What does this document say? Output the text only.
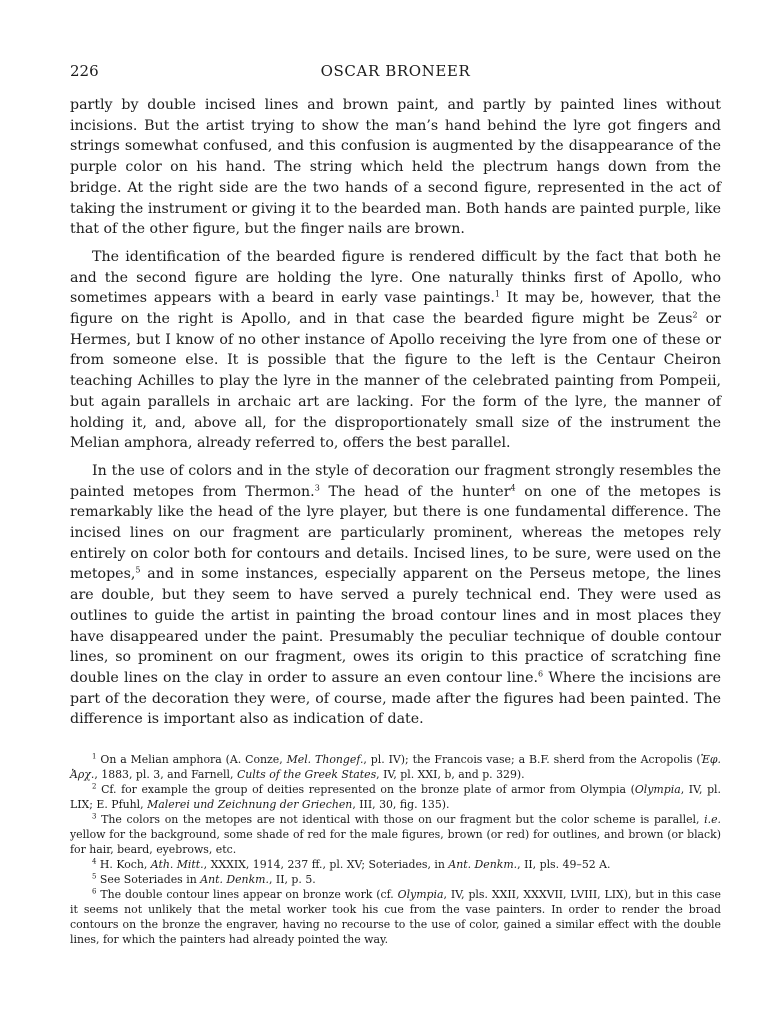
226	OSCAR BRONEER

partly by double incised lines and brown paint, and partly by painted lines without incisions. But the artist trying to show the man’s hand behind the lyre got fingers and strings somewhat confused, and this confusion is augmented by the disappearance of the purple color on his hand. The string which held the plectrum hangs down from the bridge. At the right side are the two hands of a second figure, represented in the act of taking the instrument or giving it to the bearded man. Both hands are painted purple, like that of the other figure, but the finger nails are brown.

The identification of the bearded figure is rendered difficult by the fact that both he and the second figure are holding the lyre. One naturally thinks first of Apollo, who sometimes appears with a beard in early vase paintings.$^1$ It may be, however, that the figure on the right is Apollo, and in that case the bearded figure might be Zeus$^2$ or Hermes, but I know of no other instance of Apollo receiving the lyre from one of these or from someone else. It is possible that the figure to the left is the Centaur Cheiron teaching Achilles to play the lyre in the manner of the celebrated painting from Pompeii, but again parallels in archaic art are lacking. For the form of the lyre, the manner of holding it, and, above all, for the disproportionately small size of the instrument the Melian amphora, already referred to, offers the best parallel.

In the use of colors and in the style of decoration our fragment strongly resembles the painted metopes from Thermon.$^3$ The head of the hunter$^4$ on one of the metopes is remarkably like the head of the lyre player, but there is one fundamental difference. The incised lines on our fragment are particularly prominent, whereas the metopes rely entirely on color both for contours and details. Incised lines, to be sure, were used on the metopes,$^5$ and in some instances, especially apparent on the Perseus metope, the lines are double, but they seem to have served a purely technical end. They were used as outlines to guide the artist in painting the broad contour lines and in most places they have disappeared under the paint. Presumably the peculiar technique of double contour lines, so prominent on our fragment, owes its origin to this practice of scratching fine double lines on the clay in order to assure an even contour line.$^6$ Where the incisions are part of the decoration they were, of course, made after the figures had been painted. The difference is important also as indication of date.

$^1$ On a Melian amphora (A. Conze, Mel. Thongef., pl. IV); the Francois vase; a B.F. sherd from the Acropolis (Ἐφ. Ἀρχ., 1883, pl. 3, and Farnell, Cults of the Greek States, IV, pl. XXI, b, and p. 329).

$^2$ Cf. for example the group of deities represented on the bronze plate of armor from Olympia (Olympia, IV, pl. LIX; E. Pfuhl, Malerei und Zeichnung der Griechen, III, 30, fig. 135).

$^3$ The colors on the metopes are not identical with those on our fragment but the color scheme is parallel, i.e. yellow for the background, some shade of red for the male figures, brown (or red) for outlines, and brown (or black) for hair, beard, eyebrows, etc.

$^4$ H. Koch, Ath. Mitt., XXXIX, 1914, 237 ff., pl. XV; Soteriades, in Ant. Denkm., II, pls. 49–52 A.

$^5$ See Soteriades in Ant. Denkm., II, p. 5.

$^6$ The double contour lines appear on bronze work (cf. Olympia, IV, pls. XXII, XXXVII, LVIII, LIX), but in this case it seems not unlikely that the metal worker took his cue from the vase painters. In order to render the broad contours on the bronze the engraver, having no recourse to the use of color, gained a similar effect with the double lines, for which the painters had already pointed the way.
